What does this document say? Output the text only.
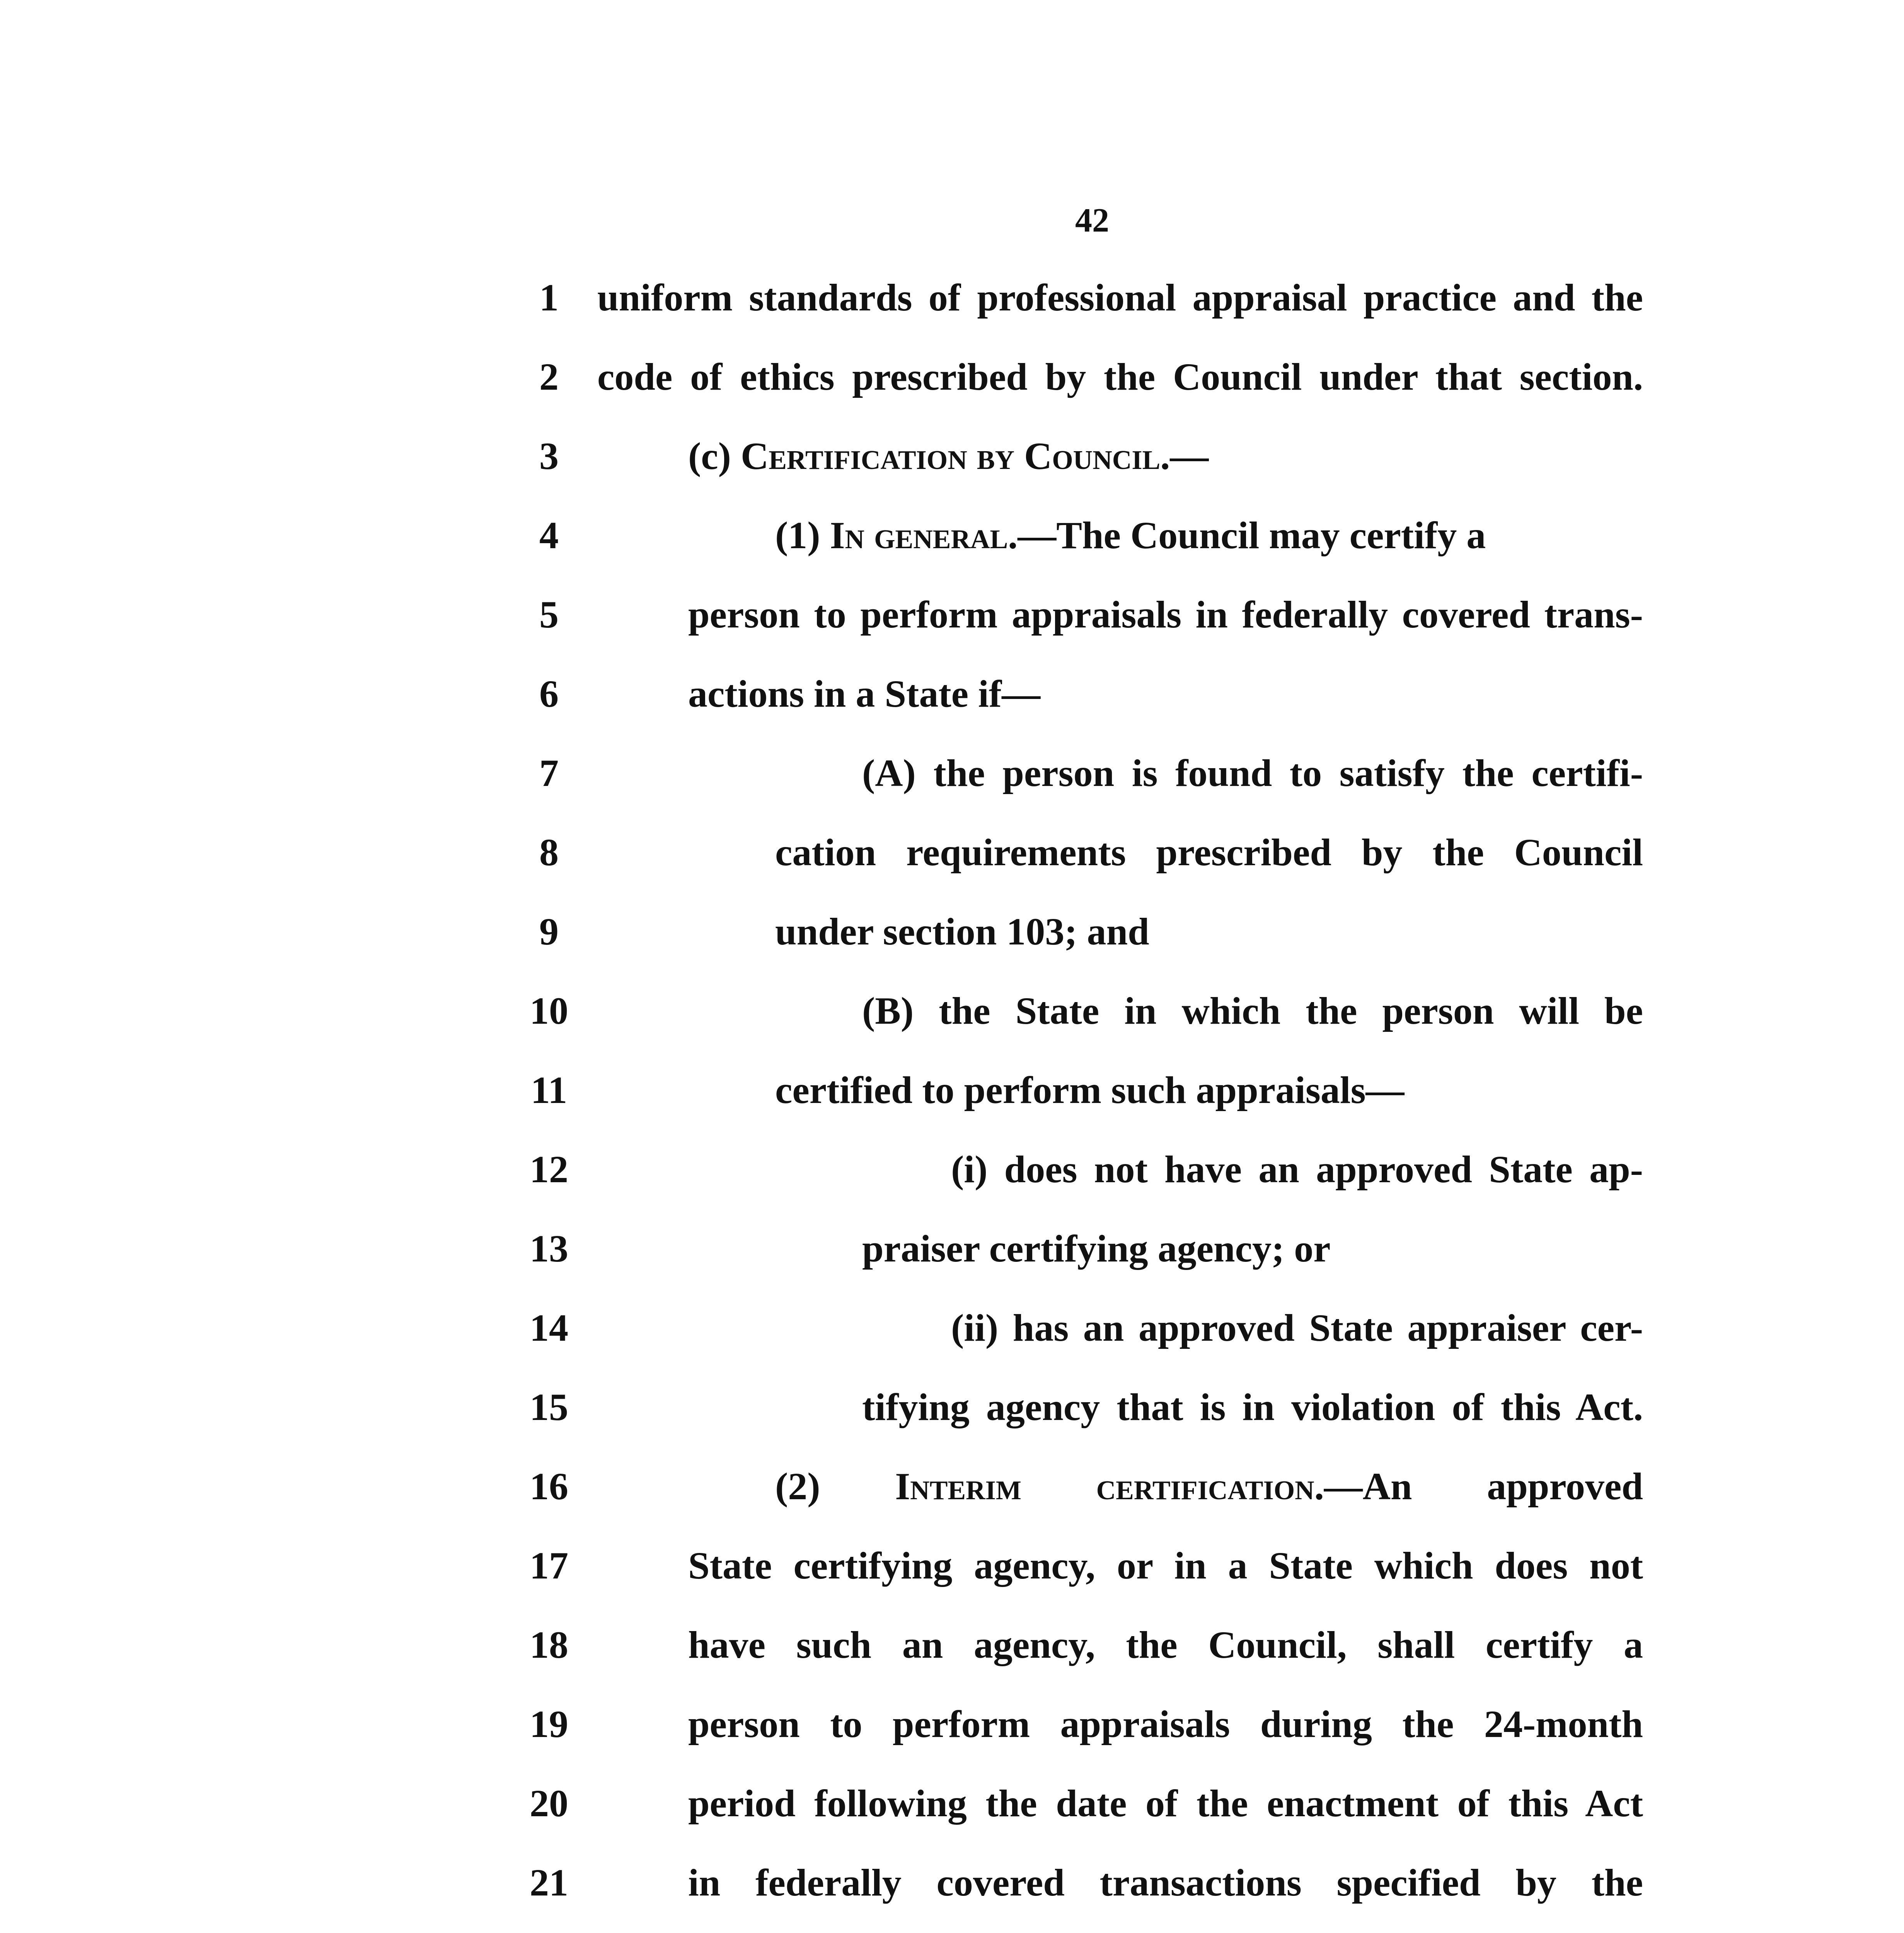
42
1	uniform standards of professional appraisal practice and the
2	code of ethics prescribed by the Council under that section.
3	(c) Certification by Council.—
4	(1) In general.—The Council may certify a
5	person to perform appraisals in federally covered trans-
6	actions in a State if—
7	(A) the person is found to satisfy the certifi-
8	cation requirements prescribed by the Council
9	under section 103; and
10	(B) the State in which the person will be
11	certified to perform such appraisals—
12	(i) does not have an approved State ap-
13	praiser certifying agency; or
14	(ii) has an approved State appraiser cer-
15	tifying agency that is in violation of this Act.
16	(2) Interim certification.—An approved
17	State certifying agency, or in a State which does not
18	have such an agency, the Council, shall certify a
19	person to perform appraisals during the 24-month
20	period following the date of the enactment of this Act
21	in federally covered transactions specified by the
